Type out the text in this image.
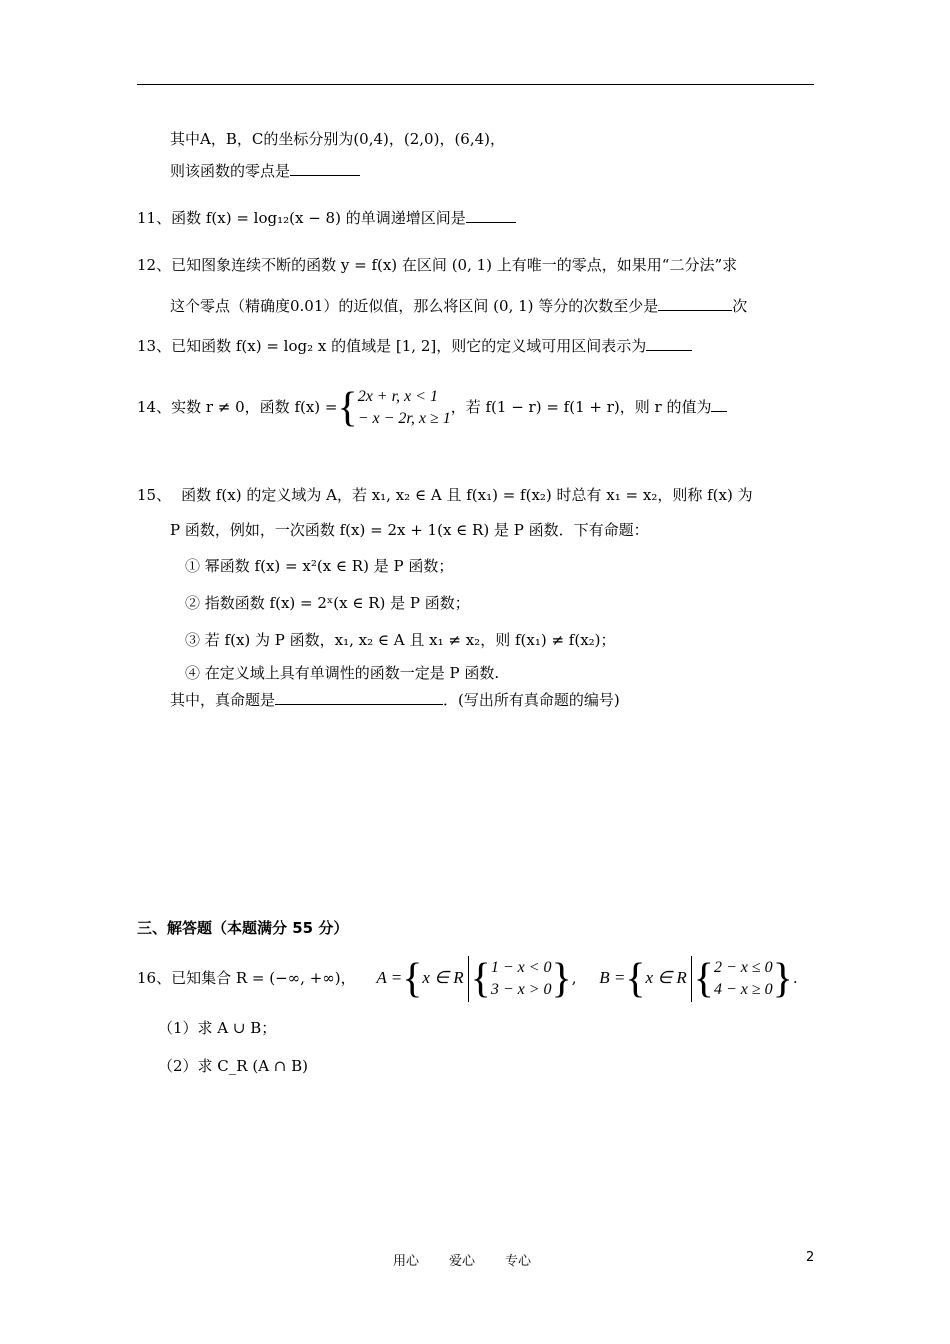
其中A，B，C的坐标分别为(0,4)，(2,0)，(6,4)，
则该函数的零点是
11、函数 f(x) = log₁₂(x − 8) 的单调递增区间是
12、已知图象连续不断的函数 y = f(x) 在区间 (0, 1) 上有唯一的零点，如果用“二分法”求
这个零点（精确度0.01）的近似值，那么将区间 (0, 1) 等分的次数至少是	次
13、已知函数 f(x) = log₂ x 的值域是 [1, 2]，则它的定义域可用区间表示为
14、实数 r ≠ 0，函数 f(x) ={2x + r, x < 1
− x − 2r, x ≥ 1，若 f(1 − r) = f(1 + r)，则 r 的值为
15、 函数 f(x) 的定义域为 A，若 x₁, x₂ ∈ A 且 f(x₁) = f(x₂) 时总有 x₁ = x₂，则称 f(x) 为
P 函数，例如，一次函数 f(x) = 2x + 1(x ∈ R) 是 P 函数．下有命题：
① 幂函数 f(x) = x²(x ∈ R) 是 P 函数；
② 指数函数 f(x) = 2ˣ(x ∈ R) 是 P 函数；
③ 若 f(x) 为 P 函数，x₁, x₂ ∈ A 且 x₁ ≠ x₂，则 f(x₁) ≠ f(x₂)；
④ 在定义域上具有单调性的函数一定是 P 函数.
其中，真命题是	．(写出所有真命题的编号)
三、解答题（本题满分 55 分）
16、已知集合 R = (−∞, +∞)， A ={x ∈ R {1 − x < 0
3 − x > 0}, B ={x ∈ R {2 − x ≤ 0
4 − x ≥ 0}.
（1）求 A ∪ B；
（2）求 C_R (A ∩ B)
用心 爱心 专心	2
